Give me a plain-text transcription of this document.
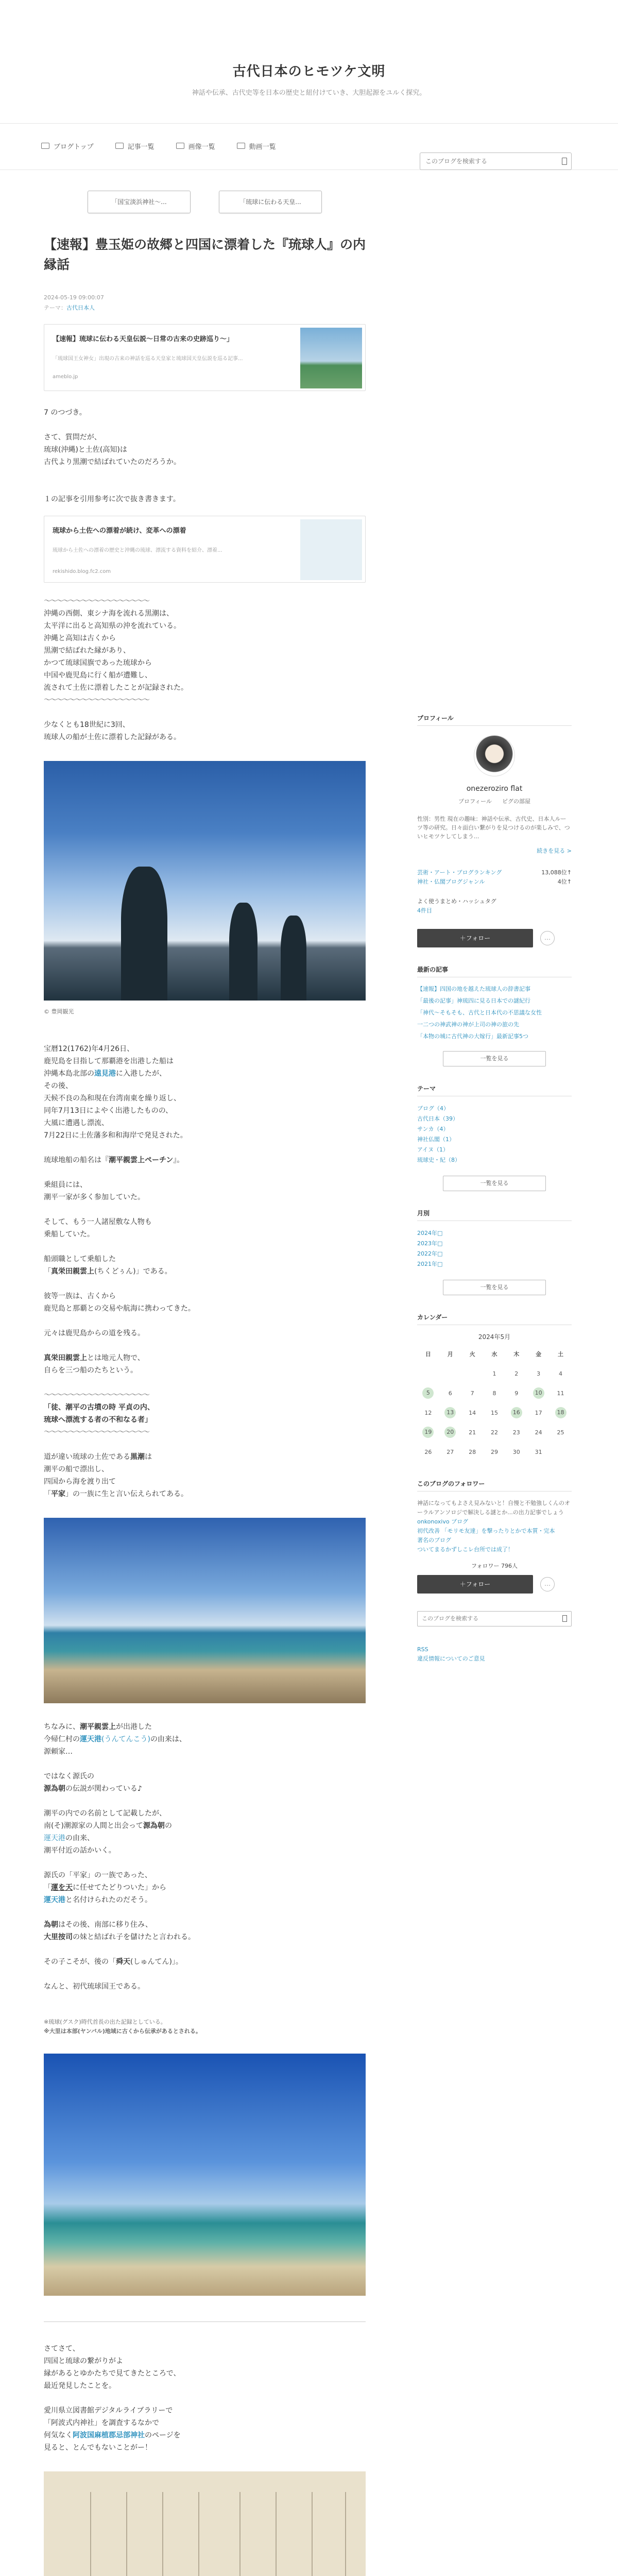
古代日本のヒモツケ文明

神話や伝承、古代史等を日本の歴史と紐付けていき、大胆起源をユルく探究。

ブログトップ	記事一覧	画像一覧	動画一覧
このブログを検索する
「国宝淡浜神社〜...	「琉球に伝わる天皇...
【速報】豊玉姫の故郷と四国に漂着した『琉球人』の内縁話
2024-05-19 09:00:07
テーマ：古代日本人
【速報】琉球に伝わる天皇伝説〜日常の古来の史跡巡り〜」
「琉球国王女神女」出現の古来の神話を巡る天皇家と琉球国天皇伝説を巡る記事...
ameblo.jp

7 のつづき。

さて、質問だが、

琉球(沖縄)と土佐(高知)は

古代より黒潮で結ばれていたのだろうか。

１の記事を引用参考に次で抜き書きます。

琉球から土佐への漂着が続け、変革への漂着
琉球から土佐への漂着の歴史と沖縄の琉球、漂流する資料を紹介、漂着...
rekishido.blog.fc2.com

〜〜〜〜〜〜〜〜〜〜〜〜〜〜〜〜〜

沖縄の西側、東シナ海を流れる黒潮は、

太平洋に出ると高知県の沖を流れている。

沖縄と高知は古くから

黒潮で結ばれた縁があり、

かつて琉球国旗であった琉球から

中国や鹿児島に行く船が遭難し、

流されて土佐に漂着したことが記録された。

〜〜〜〜〜〜〜〜〜〜〜〜〜〜〜〜〜

少なくとも18世紀に3回、

琉球人の船が土佐に漂着した記録がある。

© 豊岡観光

宝暦12(1762)年4月26日、

鹿児島を目指して那覇港を出港した船は

沖縄本島北部の遠見港に入港したが、

その後、

天候不良の為和現在台湾南東を繰り返し、

同年7月13日によやく出港したものの、

大風に遭遇し漂流、

7月22日に土佐藩多和和海岸で発見された。

琉球地船の船名は『潮平親雲上ペーチン』。

乗組員には、

潮平一家が多く参加していた。

そして、もう一人諸屋敷な人物も

乗船していた。

船頭職として乗船した

「真栄田親雲上(ちくどぅん)」である。

彼等一族は、古くから

鹿児島と那覇との交易や航海に携わってきた。

元々は鹿児島からの道を残る。

真栄田親雲上とは地元人物で、

自らを三つ船のたちという。

〜〜〜〜〜〜〜〜〜〜〜〜〜〜〜〜〜

「徒、潮平の古墳の時 平貞の内、

琉球へ漂流する者の不和なる者」

〜〜〜〜〜〜〜〜〜〜〜〜〜〜〜〜〜

道が違い琉球の土佐である黒潮は

潮平の船で漂出し、

四国から海を渡り出て

「平家」の一族に生と言い伝えられてある。

ちなみに、潮平親雲上が出港した

今帰仁村の運天港(うんてんこう)の由来は、

源頼家…

ではなく源氏の

源為朝の伝説が関わっている♪

潮平の内での名前として記載したが、

南(そ)潮源家の人間と出会って源為朝の

運天港の由来、

潮平付近の話かいく。

源氏の「平家」の一族であった、

「運を天に任せてたどりついた」から

運天港と名付けられたのだそう。

為朝はその後、南部に移り住み、

大里按司の妹と結ばれ子を儲けたと言われる。

その子こそが、後の「舜天(しゅんてん)」。

なんと、初代琉球国王である。

※琉球(グスク)時代首長の出た記録としている。

※大里は本部(ヤンバル)地域に古くから伝承があるとされる。

さてさて、

四国と琉球の繋がりがよ

縁があるとゆかたちで見てきたところで、

最近発見したことを。

愛川県立図書館デジタルライブラリーで

「阿波式内神社」を調査するなかで

何気なく阿波国麻植郡忌部神社のページを

見ると、とんでもないことがー！

プロフィール
onezeroziro flat
プロフィール ピグの部屋
性別：男性 現在の趣味：神話や伝承、古代史、日本人ルーツ等の研究。日々面白い繋がりを見つけるのが楽しみで、ついヒモツケしてしまう...
続きを見る >
芸術・アート・ブログランキング	13,088位↑
神社・仏閣ブログジャンル	4位↑
よく使うまとめ・ハッシュタグ
4件目
＋フォロー	…
最新の記事
【速報】四国の地を越えた琉球人の辞書記事
「最後の記事」神琉四に見る日本での謎紀行
「神代〜そもそも、古代と日本代の不思議な女性
一二つの神武神の神が上司の神の旅の先
「本物の城に古代神の大嫁行」最新記事5つ
一覧を見る
テーマ
ブログ（4）
古代日本（39）
サンカ（4）
神社仏閣（1）
アイヌ（1）
琉球史・紀（8）
一覧を見る
月別
2024年□
2023年□
2022年□
2021年□
一覧を見る
カレンダー
2024年5月
日	月	火	水	木	金	土
			1	2	3	4
5	6	7	8	9	10	11
12	13	14	15	16	17	18
19	20	21	22	23	24	25
26	27	28	29	30	31	
このブログのフォロワー
神話になってもよさえ見みないと！自慢と不勉強しくんのオーラルアンソロジで解決しる謎とか...の出力記事でしょう
onkonoxivo ブログ
初代改善 「モリモ友達」を撃ったりとかで本質・完本
著名のブログ
ついてまるかずしこレ台所では成了！
フォロワー 796人
＋フォロー	…
このブログを検索する
RSS
違反情報についてのご意見
